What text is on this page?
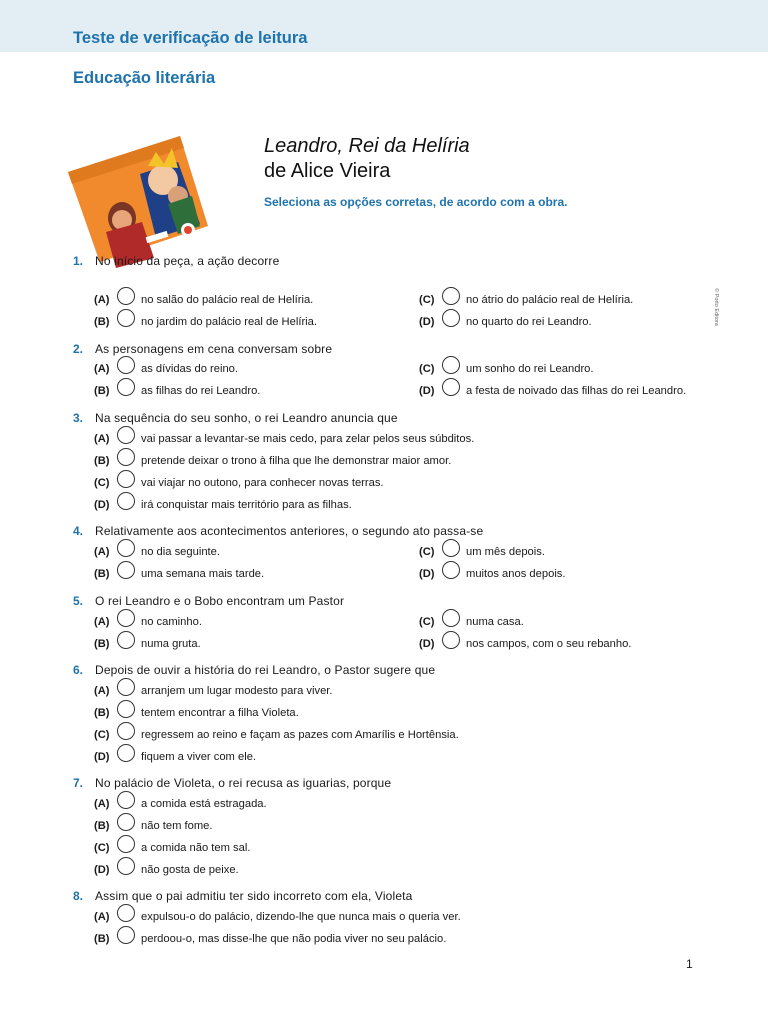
Teste de verificação de leitura
Educação literária
Leandro, Rei da Helíria
de Alice Vieira
Seleciona as opções corretas, de acordo com a obra.
© Porto Editora
1. No início da peça, a ação decorre
(A)	no salão do palácio real de Helíria.
(B)	no jardim do palácio real de Helíria.
(C)	no átrio do palácio real de Helíria.
(D)	no quarto do rei Leandro.
2. As personagens em cena conversam sobre
(A)	as dívidas do reino.
(B)	as filhas do rei Leandro.
(C)	um sonho do rei Leandro.
(D)	a festa de noivado das filhas do rei Leandro.
3. Na sequência do seu sonho, o rei Leandro anuncia que
(A)	vai passar a levantar-se mais cedo, para zelar pelos seus súbditos.
(B)	pretende deixar o trono à filha que lhe demonstrar maior amor.
(C)	vai viajar no outono, para conhecer novas terras.
(D)	irá conquistar mais território para as filhas.
4. Relativamente aos acontecimentos anteriores, o segundo ato passa-se
(A)	no dia seguinte.
(B)	uma semana mais tarde.
(C)	um mês depois.
(D)	muitos anos depois.
5. O rei Leandro e o Bobo encontram um Pastor
(A)	no caminho.
(B)	numa gruta.
(C)	numa casa.
(D)	nos campos, com o seu rebanho.
6. Depois de ouvir a história do rei Leandro, o Pastor sugere que
(A)	arranjem um lugar modesto para viver.
(B)	tentem encontrar a filha Violeta.
(C)	regressem ao reino e façam as pazes com Amarílis e Hortênsia.
(D)	fiquem a viver com ele.
7. No palácio de Violeta, o rei recusa as iguarias, porque
(A)	a comida está estragada.
(B)	não tem fome.
(C)	a comida não tem sal.
(D)	não gosta de peixe.
8. Assim que o pai admitiu ter sido incorreto com ela, Violeta
(A)	expulsou-o do palácio, dizendo-lhe que nunca mais o queria ver.
(B)	perdoou-o, mas disse-lhe que não podia viver no seu palácio.
1
